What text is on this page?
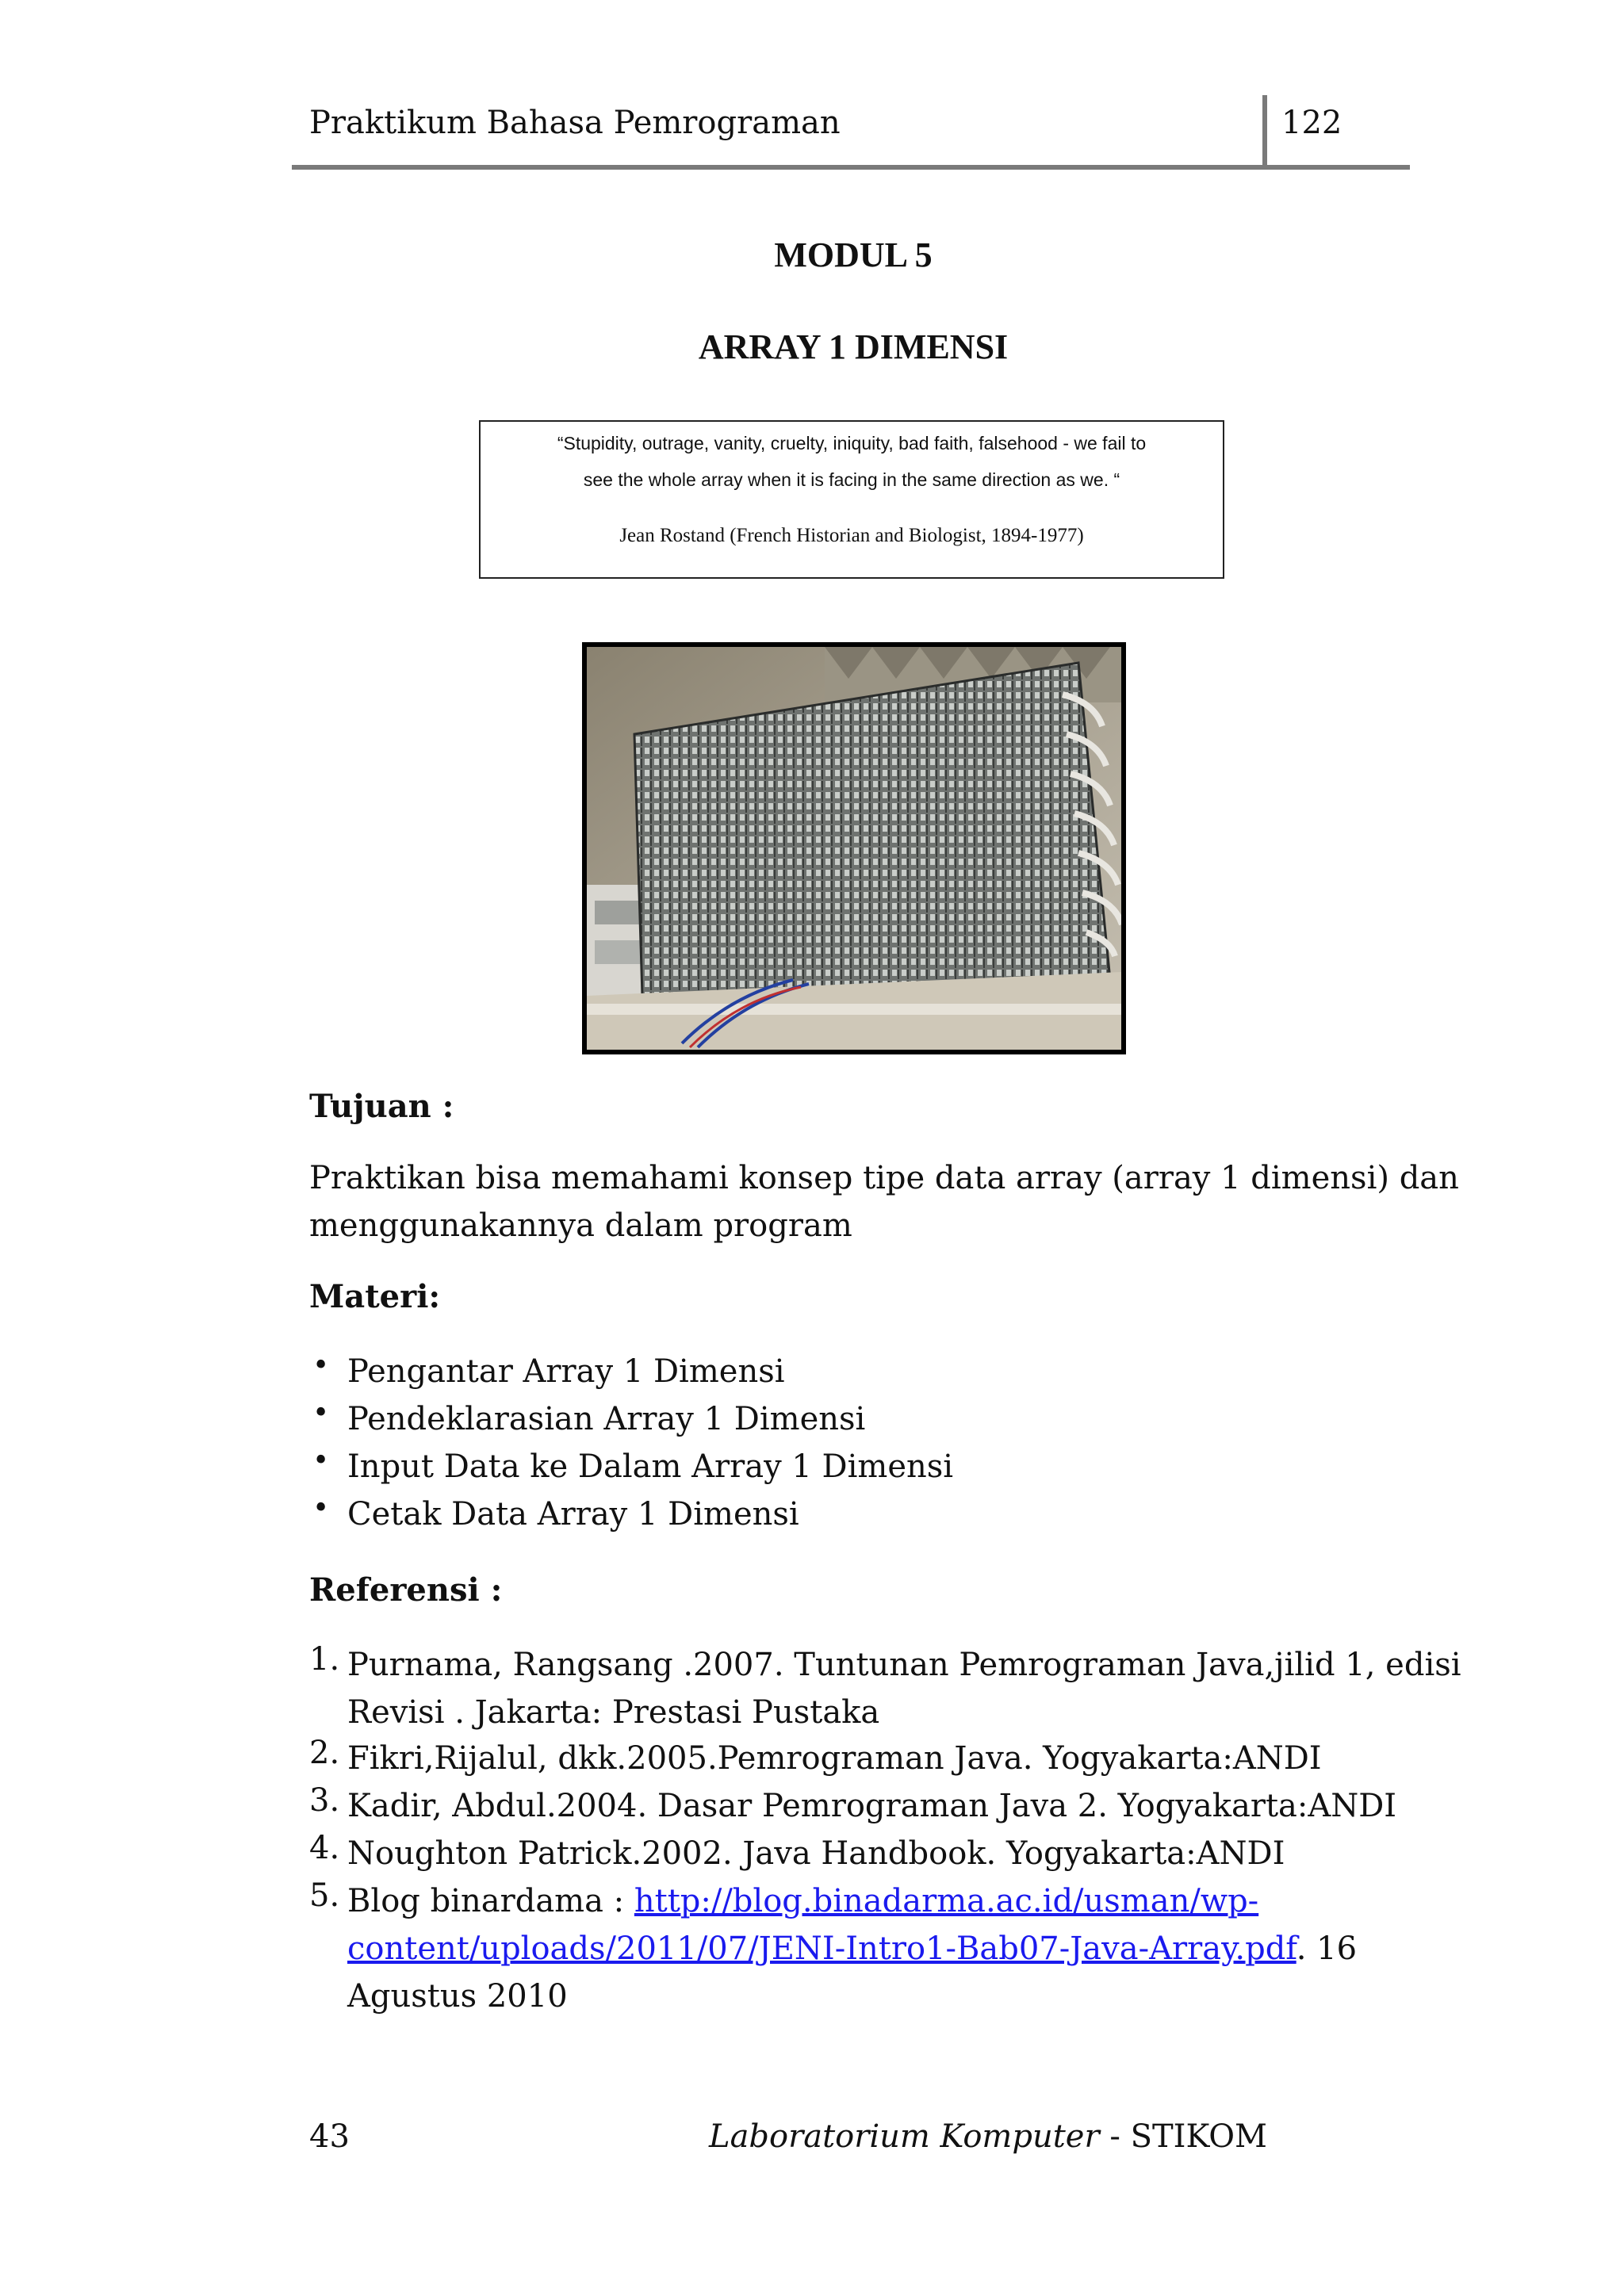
Praktikum Bahasa Pemrograman	122
MODUL 5
ARRAY 1 DIMENSI
“Stupidity, outrage, vanity, cruelty, iniquity, bad faith, falsehood - we fail to
see the whole array when it is facing in the same direction as we. “
Jean Rostand (French Historian and Biologist, 1894-1977)
Tujuan :
Praktikan bisa memahami konsep tipe data array (array 1 dimensi) dan
menggunakannya dalam program
Materi:
• Pengantar Array 1 Dimensi
• Pendeklarasian Array 1 Dimensi
• Input Data ke Dalam Array 1 Dimensi
• Cetak Data Array 1 Dimensi
Referensi :
1. Purnama, Rangsang .2007. Tuntunan Pemrograman Java,jilid 1, edisi
Revisi . Jakarta: Prestasi Pustaka
2. Fikri,Rijalul, dkk.2005.Pemrograman Java. Yogyakarta:ANDI
3. Kadir, Abdul.2004. Dasar Pemrograman Java 2. Yogyakarta:ANDI
4. Noughton Patrick.2002. Java Handbook. Yogyakarta:ANDI
5. Blog binardama : http://blog.binadarma.ac.id/usman/wp-
content/uploads/2011/07/JENI-Intro1-Bab07-Java-Array.pdf. 16
Agustus 2010
43	Laboratorium Komputer - STIKOM
